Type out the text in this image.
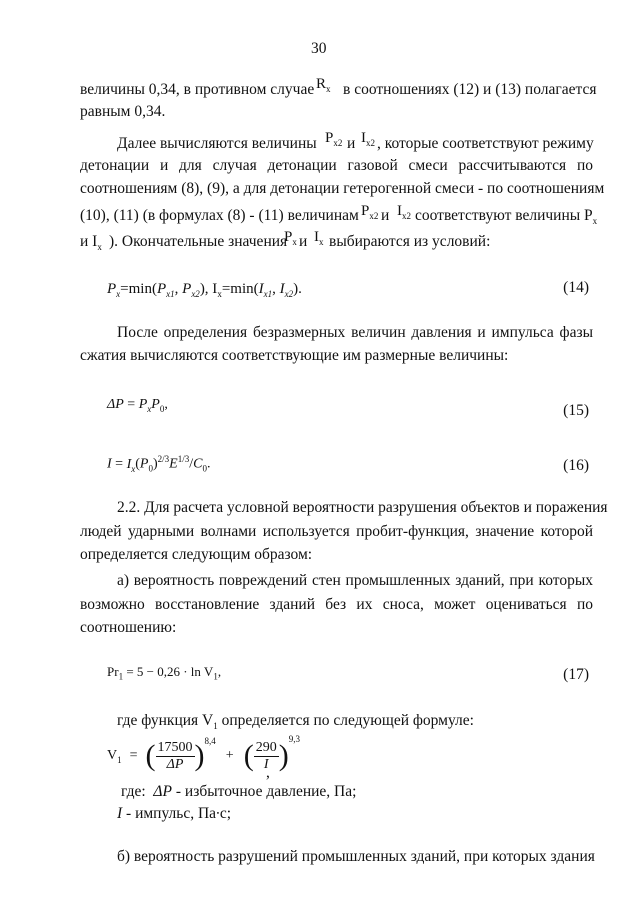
30
величины 0,34, в противном случае $R_x$ в соотношениях (12) и (13) полагается
равным 0,34.
Далее вычисляются величины $P_{x2}$ и $I_{x2}$ , которые соответствуют режиму
детонации и для случая детонации газовой смеси рассчитываются по
соотношениям (8), (9), а для детонации гетерогенной смеси - по соотношениям
(10), (11) (в формулах (8) - (11) величинам $P_{x2}$ и $I_{x2}$ соответствуют величины $P_x$
и $I_x$ ). Окончательные значения
$P_x$ и $I_x$ выбираются из условий:
$P_x=\min(P_{x1}$, $P_{x2}$), $I_x=\min(I_{x1}$, $I_{x2}$).	(14)
После определения безразмерных величин давления и импульса фазы
сжатия вычисляются соответствующие им размерные величины:
$\Delta P = P_xP_0$,	(15)
$I = I_x(P_0)^{2/3}E^{1/3}/C_0$.	(16)
2.2. Для расчета условной вероятности разрушения объектов и поражения
людей ударными волнами используется пробит-функция, значение которой
определяется следующим образом:
а) вероятность повреждений стен промышленных зданий, при которых
возможно восстановление зданий без их сноса, может оцениваться по
соотношению:
$Pr_1 = 5 - 0,26 \cdot \ln V_1$,	(17)
где функция $V_1$ определяется по следующей формуле:
$V_1$ = ( $\frac{17500}{\Delta P} )^{8,4}$
+ ( $\frac{290}{I} )^{9,3}$
,
где: ΔP - избыточное давление, Па;
I - импульс, Па∙с;
б) вероятность разрушений промышленных зданий, при которых здания
